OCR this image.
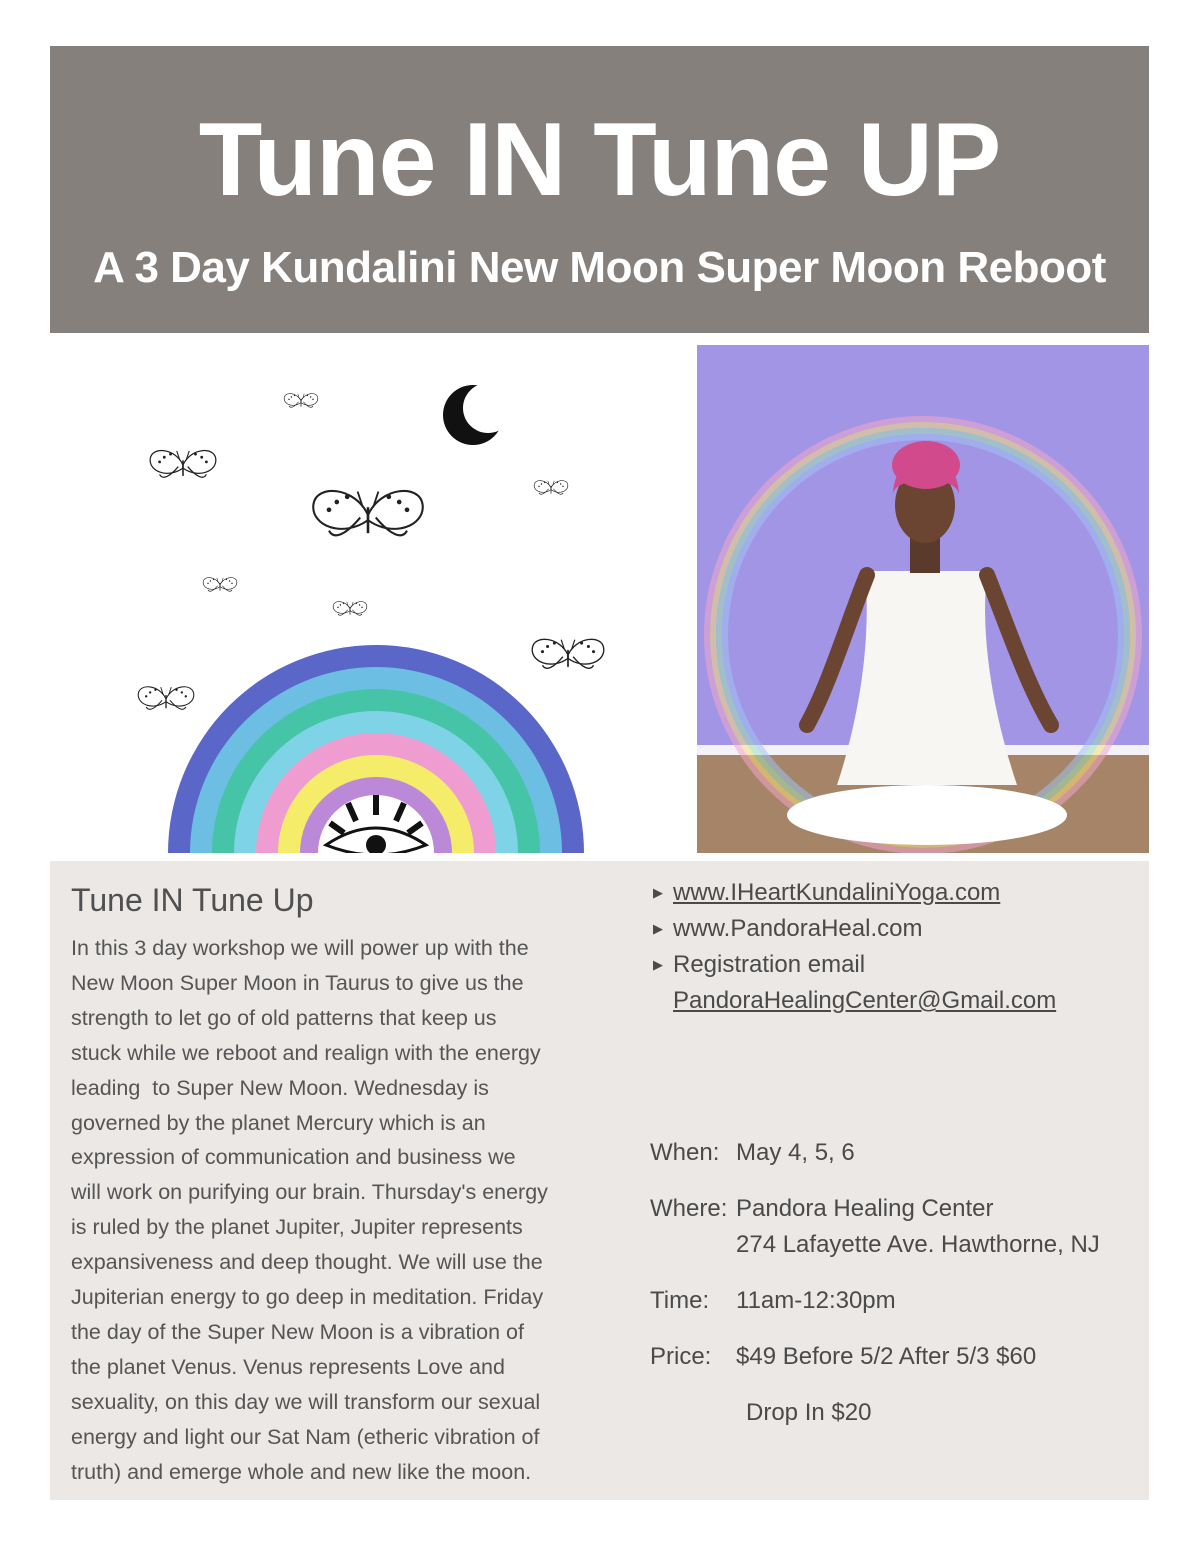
Tune IN Tune UP
A 3 Day Kundalini New Moon Super Moon Reboot
Tune IN Tune Up
In this 3 day workshop we will power up with the
New Moon Super Moon in Taurus to give us the
strength to let go of old patterns that keep us
stuck while we reboot and realign with the energy
leading  to Super New Moon. Wednesday is
governed by the planet Mercury which is an
expression of communication and business we
will work on purifying our brain. Thursday's energy
is ruled by the planet Jupiter, Jupiter represents
expansiveness and deep thought. We will use the
Jupiterian energy to go deep in meditation. Friday
the day of the Super New Moon is a vibration of
the planet Venus. Venus represents Love and
sexuality, on this day we will transform our sexual
energy and light our Sat Nam (etheric vibration of
truth) and emerge whole and new like the moon.
▶ www.IHeartKundaliniYoga.com
▶ www.PandoraHeal.com
▶ Registration email
PandoraHealingCenter@Gmail.com
When: May 4, 5, 6
Where: Pandora Healing Center
274 Lafayette Ave. Hawthorne, NJ
Time: 11am-12:30pm
Price: $49 Before 5/2 After 5/3 $60
Drop In $20
